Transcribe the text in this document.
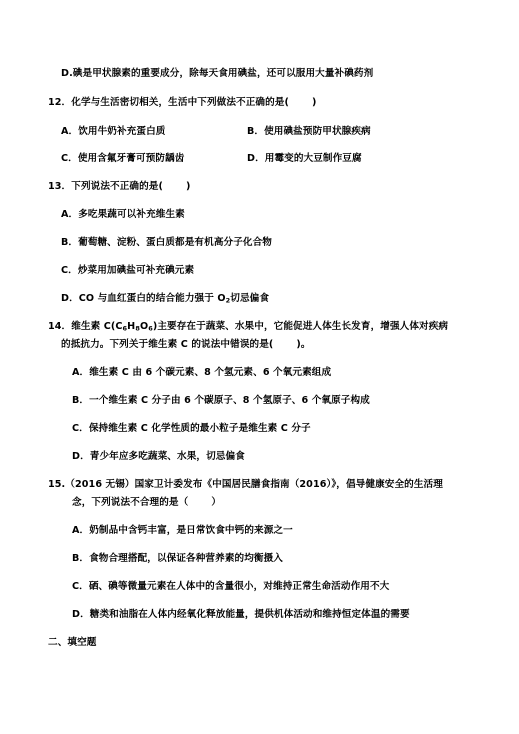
D.碘是甲状腺素的重要成分，除每天食用碘盐，还可以服用大量补碘药剂
12．化学与生活密切相关，生活中下列做法不正确的是( )
A．饮用牛奶补充蛋白质	B．使用碘盐预防甲状腺疾病
C．使用含氟牙膏可预防龋齿	D．用霉变的大豆制作豆腐
13．下列说法不正确的是( )
A．多吃果蔬可以补充维生素
B．葡萄糖、淀粉、蛋白质都是有机高分子化合物
C．炒菜用加碘盐可补充碘元素
D．CO 与血红蛋白的结合能力强于 $O_2$切忌偏食
14．维生素 $C(C_6H_8O_6)$主要存在于蔬菜、水果中，它能促进人体生长发育，增强人体对疾病
的抵抗力。下列关于维生素 C 的说法中错误的是( )。
A．维生素 C 由 6 个碳元素、8 个氢元素、6 个氧元素组成
B．一个维生素 C 分子由 6 个碳原子、8 个氢原子、6 个氧原子构成
C．保持维生素 C 化学性质的最小粒子是维生素 C 分子
D．青少年应多吃蔬菜、水果，切忌偏食
15.（2016 无锡）国家卫计委发布《中国居民膳食指南（2016）》，倡导健康安全的生活理
念，下列说法不合理的是（ ）
A．奶制品中含钙丰富，是日常饮食中钙的来源之一
B．食物合理搭配，以保证各种营养素的均衡摄入
C．硒、碘等微量元素在人体中的含量很小，对维持正常生命活动作用不大
D．糖类和油脂在人体内经氧化释放能量，提供机体活动和维持恒定体温的需要
二、填空题
